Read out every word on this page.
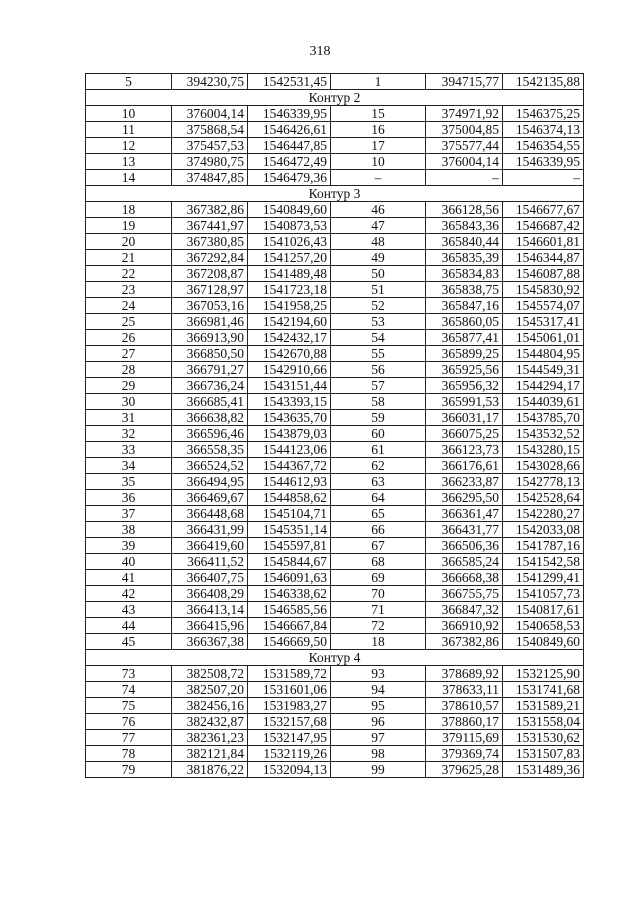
318
5	394230,75	1542531,45	1	394715,77	1542135,88
Контур 2					
10	376004,14	1546339,95	15	374971,92	1546375,25
11	375868,54	1546426,61	16	375004,85	1546374,13
12	375457,53	1546447,85	17	375577,44	1546354,55
13	374980,75	1546472,49	10	376004,14	1546339,95
14	374847,85	1546479,36	–	–	–
Контур 3					
18	367382,86	1540849,60	46	366128,56	1546677,67
19	367441,97	1540873,53	47	365843,36	1546687,42
20	367380,85	1541026,43	48	365840,44	1546601,81
21	367292,84	1541257,20	49	365835,39	1546344,87
22	367208,87	1541489,48	50	365834,83	1546087,88
23	367128,97	1541723,18	51	365838,75	1545830,92
24	367053,16	1541958,25	52	365847,16	1545574,07
25	366981,46	1542194,60	53	365860,05	1545317,41
26	366913,90	1542432,17	54	365877,41	1545061,01
27	366850,50	1542670,88	55	365899,25	1544804,95
28	366791,27	1542910,66	56	365925,56	1544549,31
29	366736,24	1543151,44	57	365956,32	1544294,17
30	366685,41	1543393,15	58	365991,53	1544039,61
31	366638,82	1543635,70	59	366031,17	1543785,70
32	366596,46	1543879,03	60	366075,25	1543532,52
33	366558,35	1544123,06	61	366123,73	1543280,15
34	366524,52	1544367,72	62	366176,61	1543028,66
35	366494,95	1544612,93	63	366233,87	1542778,13
36	366469,67	1544858,62	64	366295,50	1542528,64
37	366448,68	1545104,71	65	366361,47	1542280,27
38	366431,99	1545351,14	66	366431,77	1542033,08
39	366419,60	1545597,81	67	366506,36	1541787,16
40	366411,52	1545844,67	68	366585,24	1541542,58
41	366407,75	1546091,63	69	366668,38	1541299,41
42	366408,29	1546338,62	70	366755,75	1541057,73
43	366413,14	1546585,56	71	366847,32	1540817,61
44	366415,96	1546667,84	72	366910,92	1540658,53
45	366367,38	1546669,50	18	367382,86	1540849,60
Контур 4					
73	382508,72	1531589,72	93	378689,92	1532125,90
74	382507,20	1531601,06	94	378633,11	1531741,68
75	382456,16	1531983,27	95	378610,57	1531589,21
76	382432,87	1532157,68	96	378860,17	1531558,04
77	382361,23	1532147,95	97	379115,69	1531530,62
78	382121,84	1532119,26	98	379369,74	1531507,83
79	381876,22	1532094,13	99	379625,28	1531489,36
